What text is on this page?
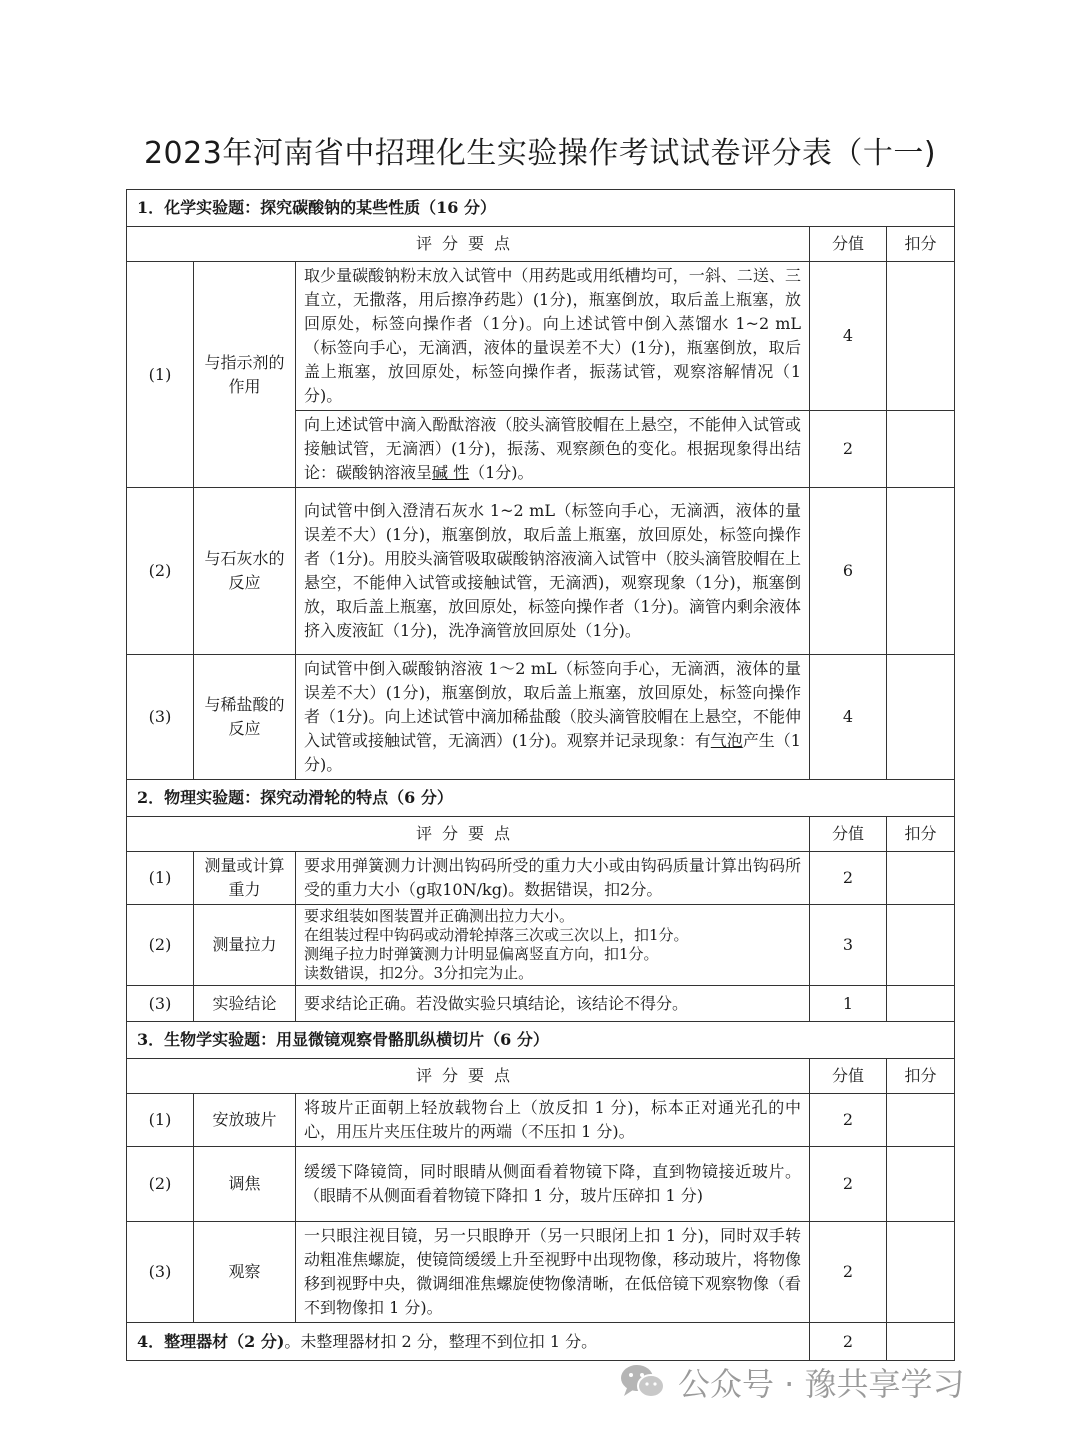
2023年河南省中招理化生实验操作考试试卷评分表（十一)
1．化学实验题：探究碳酸钠的某些性质（16 分）				
评分要点			分值	扣分
(1)	与指示剂的作用	取少量碳酸钠粉末放入试管中（用药匙或用纸槽均可，一斜、二送、三直立，无撒落，用后擦净药匙）(1分)，瓶塞倒放，取后盖上瓶塞，放回原处，标签向操作者（1分)。向上述试管中倒入蒸馏水 1~2 mL（标签向手心，无滴洒，液体的量误差不大）(1分)，瓶塞倒放，取后盖上瓶塞，放回原处，标签向操作者，振荡试管，观察溶解情况（1分)。	4	
		向上述试管中滴入酚酞溶液（胶头滴管胶帽在上悬空，不能伸入试管或接触试管，无滴洒）(1分)，振荡、观察颜色的变化。根据现象得出结论：碳酸钠溶液呈碱 性（1分)。	2	
(2)	与石灰水的反应	向试管中倒入澄清石灰水 1~2 mL（标签向手心，无滴洒，液体的量误差不大）(1分)，瓶塞倒放，取后盖上瓶塞，放回原处，标签向操作者（1分)。用胶头滴管吸取碳酸钠溶液滴入试管中（胶头滴管胶帽在上悬空，不能伸入试管或接触试管，无滴洒)，观察现象（1分)，瓶塞倒放，取后盖上瓶塞，放回原处，标签向操作者（1分)。滴管内剩余液体挤入废液缸（1分)，洗净滴管放回原处（1分)。	6	
(3)	与稀盐酸的反应	向试管中倒入碳酸钠溶液 1～2 mL（标签向手心，无滴洒，液体的量误差不大）(1分)，瓶塞倒放，取后盖上瓶塞，放回原处，标签向操作者（1分)。向上述试管中滴加稀盐酸（胶头滴管胶帽在上悬空，不能伸入试管或接触试管，无滴洒）(1分)。观察并记录现象：有气泡产生（1分)。	4	
2．物理实验题：探究动滑轮的特点（6 分）				
评分要点			分值	扣分
(1)	测量或计算重力	要求用弹簧测力计测出钩码所受的重力大小或由钩码质量计算出钩码所受的重力大小（g取10N/kg)。数据错误，扣2分。	2	
(2)	测量拉力	要求组装如图装置并正确测出拉力大小。
在组装过程中钩码或动滑轮掉落三次或三次以上，扣1分。
测绳子拉力时弹簧测力计明显偏离竖直方向，扣1分。
读数错误，扣2分。3分扣完为止。	3	
(3)	实验结论	要求结论正确。若没做实验只填结论，该结论不得分。	1	
3．生物学实验题：用显微镜观察骨骼肌纵横切片（6 分）				
评分要点			分值	扣分
(1)	安放玻片	将玻片正面朝上轻放载物台上（放反扣 1 分)，标本正对通光孔的中心，用压片夹压住玻片的两端（不压扣 1 分)。	2	
(2)	调焦	缓缓下降镜筒，同时眼睛从侧面看着物镜下降，直到物镜接近玻片。（眼睛不从侧面看着物镜下降扣 1 分，玻片压碎扣 1 分)	2	
(3)	观察	一只眼注视目镜，另一只眼睁开（另一只眼闭上扣 1 分)，同时双手转动粗准焦螺旋，使镜筒缓缓上升至视野中出现物像，移动玻片，将物像移到视野中央，微调细准焦螺旋使物像清晰，在低倍镜下观察物像（看不到物像扣 1 分)。	2	
4．整理器材（2 分)。未整理器材扣 2 分，整理不到位扣 1 分。			2	
公众号 · 豫共享学习
